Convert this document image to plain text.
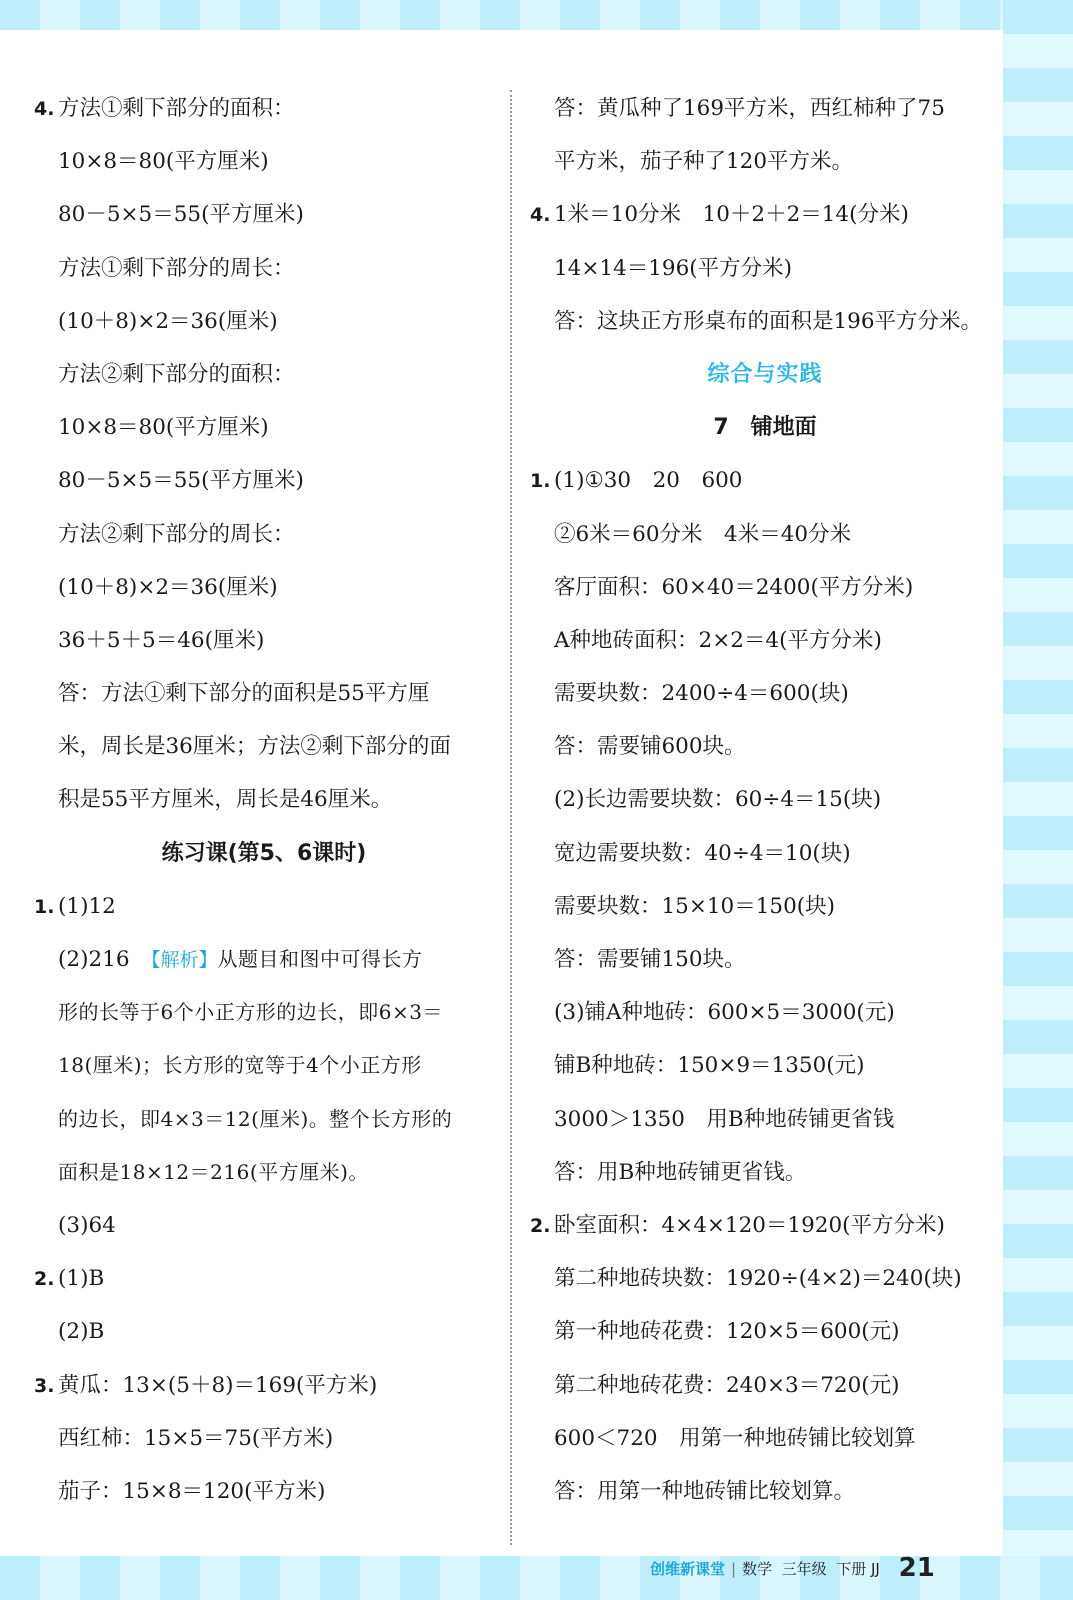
4. 方法①剩下部分的面积：
10×8＝80(平方厘米)
80－5×5＝55(平方厘米)
方法①剩下部分的周长：
(10＋8)×2＝36(厘米)
方法②剩下部分的面积：
10×8＝80(平方厘米)
80－5×5＝55(平方厘米)
方法②剩下部分的周长：
(10＋8)×2＝36(厘米)
36＋5＋5＝46(厘米)
答：方法①剩下部分的面积是55平方厘
米，周长是36厘米；方法②剩下部分的面
积是55平方厘米，周长是46厘米。
练习课(第5、6课时)
1. (1)12
(2)216　 【解析】从题目和图中可得长方
形的长等于6个小正方形的边长，即6×3＝
18(厘米)；长方形的宽等于4个小正方形
的边长，即4×3＝12(厘米)。整个长方形的
面积是18×12＝216(平方厘米)。
(3)64
2. (1)B
(2)B
3. 黄瓜：13×(5＋8)＝169(平方米)
西红柿：15×5＝75(平方米)
茄子：15×8＝120(平方米)
答：黄瓜种了169平方米，西红柿种了75
平方米，茄子种了120平方米。
4. 1米＝10分米　10＋2＋2＝14(分米)
14×14＝196(平方分米)
答：这块正方形桌布的面积是196平方分米。
综合与实践
7　铺地面
1. (1)①30　20　600
②6米＝60分米　4米＝40分米
客厅面积：60×40＝2400(平方分米)
A种地砖面积：2×2＝4(平方分米)
需要块数：2400÷4＝600(块)
答：需要铺600块。
(2)长边需要块数：60÷4＝15(块)
宽边需要块数：40÷4＝10(块)
需要块数：15×10＝150(块)
答：需要铺150块。
(3)铺A种地砖：600×5＝3000(元)
铺B种地砖：150×9＝1350(元)
3000＞1350　用B种地砖铺更省钱
答：用B种地砖铺更省钱。
2. 卧室面积：4×4×120＝1920(平方分米)
第二种地砖块数：1920÷(4×2)＝240(块)
第一种地砖花费：120×5＝600(元)
第二种地砖花费：240×3＝720(元)
600＜720　用第一种地砖铺比较划算
答：用第一种地砖铺比较划算。
创维新课堂 | 数学 三年级 下册 JJ 21
